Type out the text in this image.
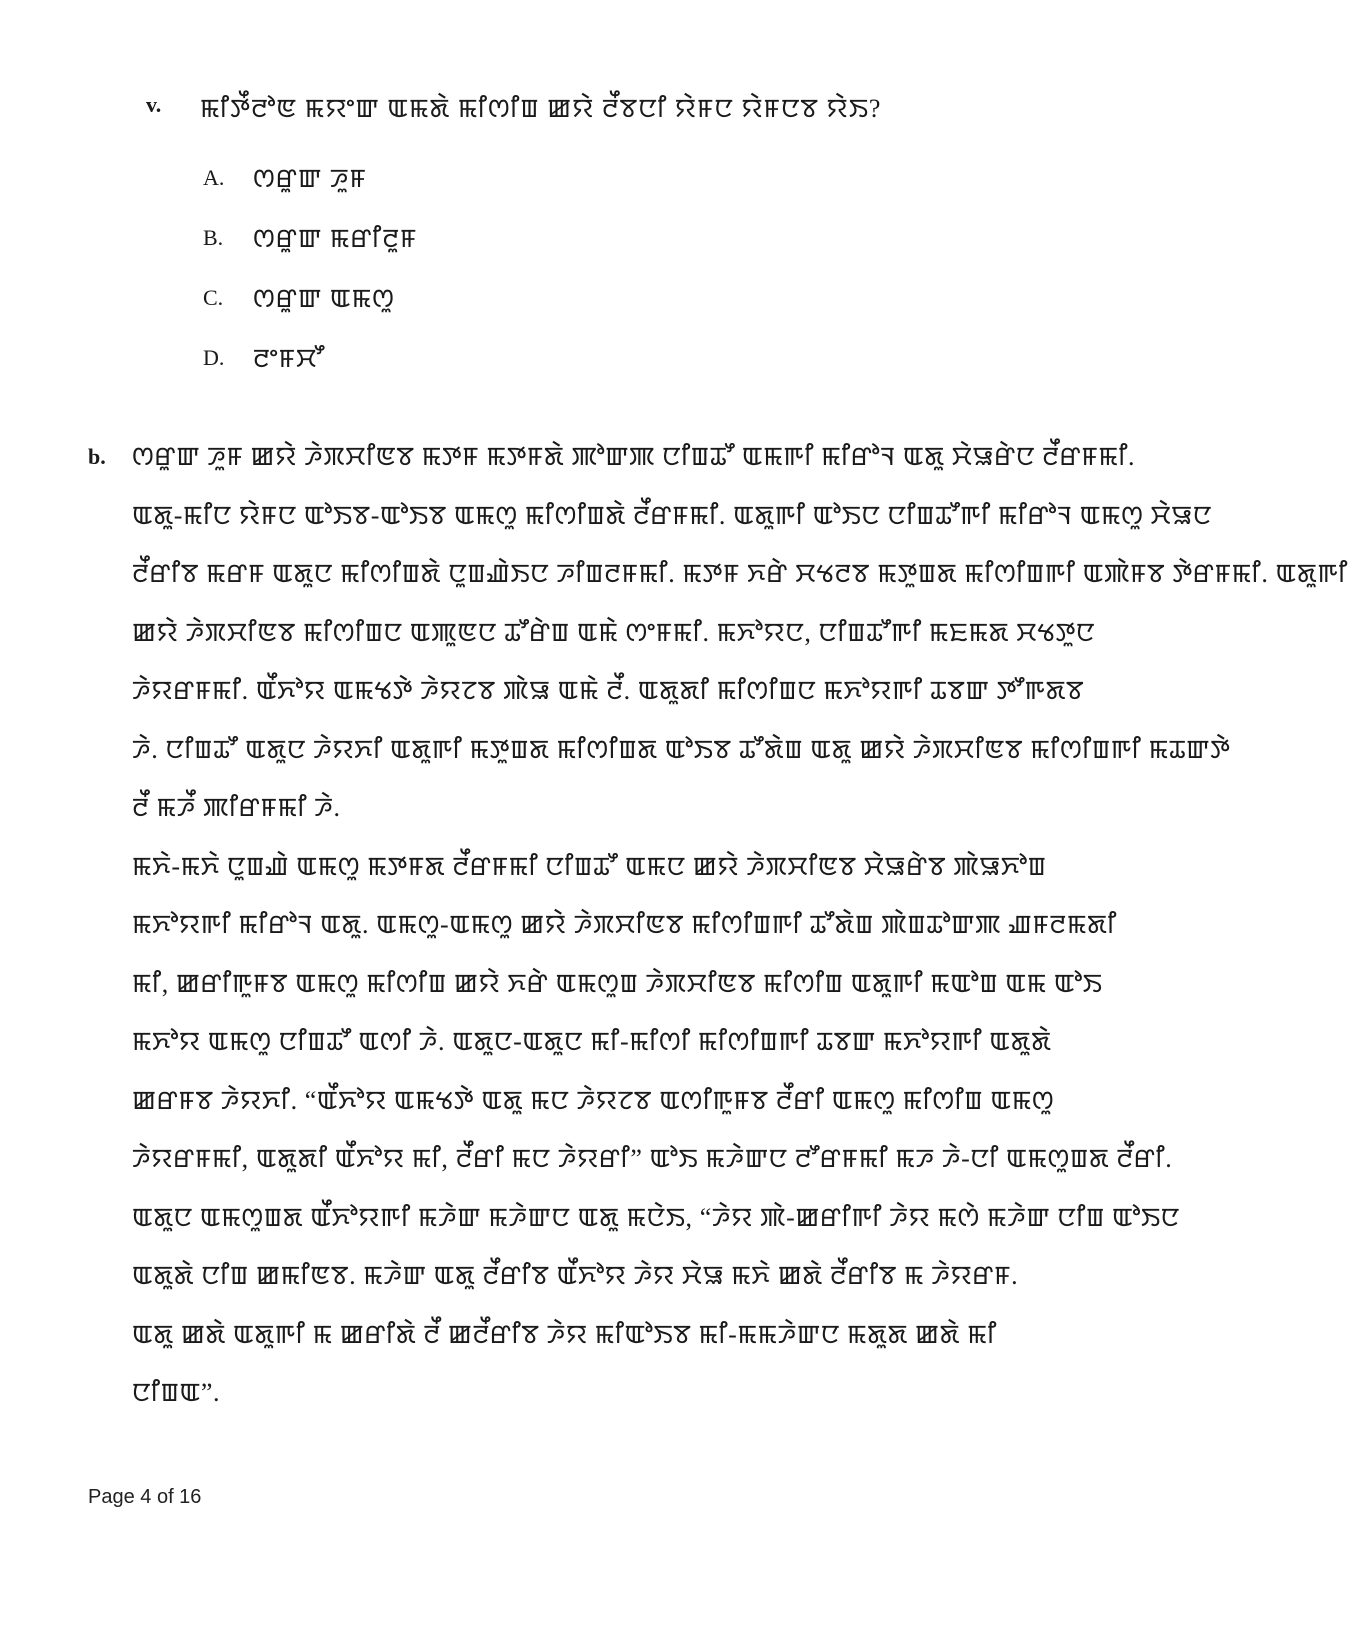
v. ꯃꯤꯇꯩꯂꯣꯟ ꯃꯌꯦꯛ ꯑꯃꯗꯥ ꯃꯤꯁꯤꯡ ꯀꯌꯥ ꯂꯩꯕꯅꯤ ꯌꯥꯝꯅ ꯌꯥꯝꯅꯕ ꯌꯥꯏ?
A.	ꯁꯔꯨꯛ ꯍꯨꯝ
B.	ꯁꯔꯨꯛ ꯃꯔꯤꯂꯨꯝ
C.	ꯁꯔꯨꯛ ꯑꯃꯁꯨ
D.	ꯂꯦꯝꯆꯧ
b. ꯁꯔꯨꯛ ꯍꯨꯝ ꯀꯌꯥ ꯍꯥꯞꯆꯤꯟꯕ ꯃꯇꯝ ꯃꯇꯝꯗꯥ ꯄꯣꯛꯄ ꯅꯤꯡꯊꯧ ꯑꯃꯒꯤ ꯃꯤꯔꯣꯜ ꯑꯗꯨ ꯆꯥꯎꯔꯥꯅ ꯂꯩꯔꯝꯃꯤ.
ꯑꯗꯨ-ꯃꯤꯅ ꯌꯥꯝꯅ ꯑꯣꯏꯕ-ꯑꯣꯏꯕ ꯑꯃꯁꯨ ꯃꯤꯁꯤꯡꯗꯥ ꯂꯩꯔꯝꯃꯤ. ꯑꯗꯨꯒꯤ ꯑꯣꯏꯅ ꯅꯤꯡꯊꯧꯒꯤ ꯃꯤꯔꯣꯜ ꯑꯃꯁꯨ ꯆꯥꯎꯅ
ꯂꯩꯔꯤꯕ ꯃꯔꯝ ꯑꯗꯨꯅ ꯃꯤꯁꯤꯡꯗꯥ ꯅꯨꯡꯉꯥꯏꯅ ꯍꯤꯡꯂꯝꯃꯤ. ꯃꯇꯝ ꯈꯔꯥ ꯆꯠꯂꯕ ꯃꯇꯨꯡꯗ ꯃꯤꯁꯤꯡꯒꯤ ꯑꯄꯥꯝꯕ ꯇꯥꯔꯝꯃꯤ. ꯑꯗꯨꯒꯤ
ꯀꯌꯥ ꯍꯥꯞꯆꯤꯟꯕ ꯃꯤꯁꯤꯡꯅ ꯑꯄꯨꯟꯅ ꯊꯧꯔꯥꯡ ꯑꯃꯥ ꯁꯦꯝꯃꯤ. ꯃꯈꯣꯌꯅ, ꯅꯤꯡꯊꯧꯒꯤ ꯃꯐꯃꯗ ꯆꯠꯇꯨꯅ
ꯍꯥꯌꯔꯝꯃꯤ. ꯑꯩꯈꯣꯌ ꯑꯃꯠꯇꯥ ꯍꯥꯌꯖꯕ ꯄꯥꯎ ꯑꯃꯥ ꯂꯩ. ꯑꯗꯨꯗꯤ ꯃꯤꯁꯤꯡꯅ ꯃꯈꯣꯌꯒꯤ ꯊꯕꯛ ꯇꯧꯒꯗꯕ
ꯍꯥ. ꯅꯤꯡꯊꯧ ꯑꯗꯨꯅ ꯍꯥꯌꯈꯤ ꯑꯗꯨꯒꯤ ꯃꯇꯨꯡꯗ ꯃꯤꯁꯤꯡꯗ ꯑꯣꯏꯕ ꯊꯧꯗꯥꯡ ꯑꯗꯨ ꯀꯌꯥ ꯍꯥꯞꯆꯤꯟꯕ ꯃꯤꯁꯤꯡꯒꯤ ꯃꯊꯛꯇꯥ
ꯂꯩ ꯃꯍꯩ ꯄꯤꯔꯝꯃꯤ ꯍꯥ.
ꯃꯈꯥ-ꯃꯈꯥ ꯅꯨꯡꯉꯥ ꯑꯃꯁꯨ ꯃꯇꯝꯗ ꯂꯩꯔꯝꯃꯤ ꯅꯤꯡꯊꯧ ꯑꯃꯅ ꯀꯌꯥ ꯍꯥꯞꯆꯤꯟꯕ ꯆꯥꯎꯔꯥꯕ ꯄꯥꯎꯈꯣꯡ
ꯃꯈꯣꯌꯒꯤ ꯃꯤꯔꯣꯜ ꯑꯗꯨ. ꯑꯃꯁꯨ-ꯑꯃꯁꯨ ꯀꯌꯥ ꯍꯥꯞꯆꯤꯟꯕ ꯃꯤꯁꯤꯡꯒꯤ ꯊꯧꯗꯥꯡ ꯄꯥꯡꯊꯣꯛꯄ ꯉꯝꯂꯃꯗꯤ
ꯃꯤ, ꯀꯔꯤꯒꯨꯝꯕ ꯑꯃꯁꯨ ꯃꯤꯁꯤꯡ ꯀꯌꯥ ꯈꯔꯥ ꯑꯃꯁꯨꯡ ꯍꯥꯞꯆꯤꯟꯕ ꯃꯤꯁꯤꯡ ꯑꯗꯨꯒꯤ ꯃꯑꯣꯡ ꯑꯃ ꯑꯣꯏ
ꯃꯈꯣꯌ ꯑꯃꯁꯨ ꯅꯤꯡꯊꯧ ꯑꯁꯤ ꯍꯥ. ꯑꯗꯨꯅ-ꯑꯗꯨꯅ ꯃꯤ-ꯃꯤꯁꯤ ꯃꯤꯁꯤꯡꯒꯤ ꯊꯕꯛ ꯃꯈꯣꯌꯒꯤ ꯑꯗꯨꯗꯥ
ꯀꯔꯝꯕ ꯍꯥꯌꯈꯤ. “ꯑꯩꯈꯣꯌ ꯑꯃꯠꯇꯥ ꯑꯗꯨ ꯃꯅ ꯍꯥꯌꯖꯕ ꯑꯁꯤꯒꯨꯝꯕ ꯂꯩꯔꯤ ꯑꯃꯁꯨ ꯃꯤꯁꯤꯡ ꯑꯃꯁꯨ
ꯍꯥꯌꯔꯝꯃꯤ, ꯑꯗꯨꯗꯤ ꯑꯩꯈꯣꯌ ꯃꯤ, ꯂꯩꯔꯤ ꯃꯅ ꯍꯥꯌꯔꯤ” ꯑꯣꯏ ꯃꯍꯥꯛꯅ ꯂꯧꯔꯝꯃꯤ ꯃꯍ ꯍꯥ-ꯅꯤ ꯑꯃꯁꯨꯡꯗ ꯂꯩꯔꯤ.
ꯑꯗꯨꯅ ꯑꯃꯁꯨꯡꯗ ꯑꯩꯈꯣꯌꯒꯤ ꯃꯍꯥꯛ ꯃꯍꯥꯛꯅ ꯑꯗꯨ ꯃꯅꯥꯏ, “ꯍꯥꯌ ꯄꯥ-ꯀꯔꯤꯒꯤ ꯍꯥꯌ ꯃꯁꯥ ꯃꯍꯥꯛ ꯅꯤꯡ ꯑꯣꯏꯅ
ꯑꯗꯨꯗꯥ ꯅꯤꯡ ꯀꯃꯤꯟꯕ. ꯃꯍꯥꯛ ꯑꯗꯨ ꯂꯩꯔꯤꯕ ꯑꯩꯈꯣꯌ ꯍꯥꯌ ꯆꯥꯎ ꯃꯈꯥ ꯀꯗꯥ ꯂꯩꯔꯤꯕ ꯃ ꯍꯥꯌꯔꯝ.
ꯑꯗꯨ ꯀꯗꯥ ꯑꯗꯨꯒꯤ ꯃ ꯀꯔꯤꯗꯥ ꯂꯩ ꯀꯂꯩꯔꯤꯕ ꯍꯥꯌ ꯃꯤꯑꯣꯏꯕ ꯃꯤ-ꯃꯃꯍꯥꯛꯅ ꯃꯗꯨꯗ ꯀꯗꯥ ꯃꯤ
ꯅꯤꯡꯑ”.
Page 4 of 16
